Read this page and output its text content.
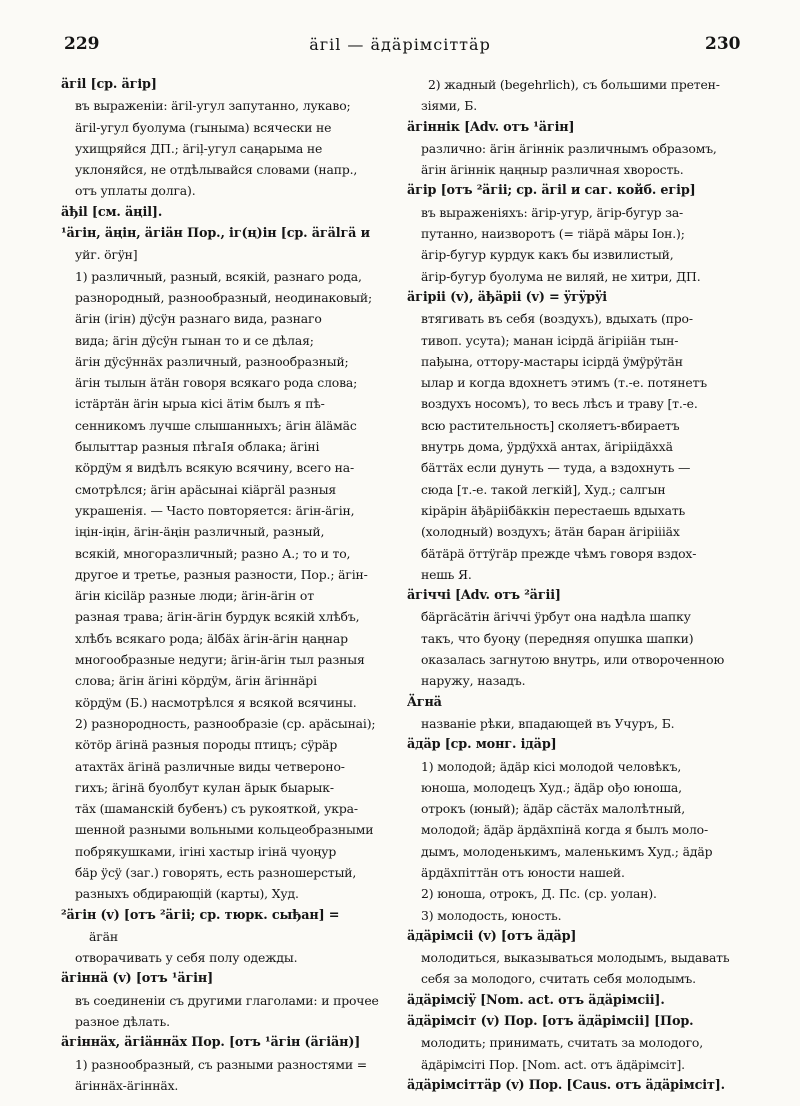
229	äгil — äдäрімсіттäр	230
äгil [ср. äгір]
въ выраженiи: äгil-угул запутанно, лукаво;
äгil-угул буолума (гыныма) всячески не
ухищряйся ДП.; äгiļ-угул саңарыма не
уклоняйся, не отдѣлывайся словами (напр.,
отъ уплаты долга).
äђil [см. äңil].
¹äгiн, äңiн, äгiäн Пор., iг(ң)iн [ср. äгälгä и
уйг. öгÿн]
1) различный, разный, всякiй, разнаго рода,
разнородный, разнообразный, неодинаковый;
äгiн (iгiн) дÿсÿн разнаго вида, разнаго
вида; äгiн дÿсÿн гынан то и се дѣлая;
äгiн дÿсÿннäх различный, разнообразный;
äгiн тылын äтäн говоря всякаго рода слова;
iстäртäн äгiн ырыа кiсi äтiм былъ я пѣ-
сенникомъ лучше слышанныхъ; äгiн äläмäс
былыттар разныя пѣгаIя облака; äгiнi
кöрдÿм я видѣлъ всякую всячину, всего на-
смотрѣлся; äгiн арäсынаi кiäргäl разныя
украшенiя. — Часто повторяется: äгiн-äгiн,
iңiн-iңiн, äгiн-äңiн различный, разный,
всякiй, многоразличный; разно А.; то и то,
другое и третье, разныя разности, Пор.; äгiн-
äгiн кiсiläр разные люди; äгiн-äгiн от
разная трава; äгiн-äгiн бурдук всякiй хлѣбъ,
хлѣбъ всякаго рода; älбäх äгiн-äгiн ңаңнар
многообразные недуги; äгiн-äгiн тыл разныя
слова; äгiн äгiнi кöрдÿм, äгiн äгiннäрi
кöрдÿм (Б.) насмотрѣлся я всякой всячины.
2) разнородность, разнообразiе (ср. арäсынаi);
кöтöр äгiнä разныя породы птицъ; сÿрäр
атахтäх äгiнä различные виды четвероно-
гихъ; äгiнä буолбут кулан äрык быарык-
тäх (шаманскiй бубенъ) съ рукояткой, укра-
шенной разными вольными кольцеобразными
побрякушками, iгiнi хастыр iгiнä чуоңур
бäр ÿсÿ (заг.) говорять, есть разношерстый,
разныхъ обдирающiй (карты), Худ.
²äгiн (v) [отъ ²äгii; ср. тюрк. сыђан] =
äгäн
отворачивать у себя полу одежды.
äгiннä (v) [отъ ¹äгiн]
въ соединенiи съ другими глаголами: и прочее
разное дѣлать.
äгiннäх, äгiäннäх Пор. [отъ ¹äгiн (äгiäн)]
1) разнообразный, съ разными разностями =
äгiннäх-äгiннäх.
2) жадный (begehrlich), съ большими претен-
зiями, Б.
äгiннiк [Adv. отъ ¹äгiн]
различно: äгiн äгiннiк различнымъ образомъ,
äгiн äгiннiк ңаңныр различная хворость.
äгiр [отъ ²äгii; ср. äгil и саг. койб. егiр]
въ выраженiяхъ: äгiр-угур, äгiр-бугур за-
путанно, наизворотъ (= тiäрä мäры Iон.);
äгiр-бугур курдук какъ бы извилистый,
äгiр-бугур буолума не виляй, не хитри, ДП.
äгiрii (v), äђäрii (v) = ÿгÿрÿi
втягивать въ себя (воздухъ), вдыхать (про-
тивоп. усута); манан iсiрдä äгiрiiäн тын-
пађына, оттору-мастары iсiрдä ÿмÿрÿтäн
ылар и когда вдохнетъ этимъ (т.-е. потянетъ
воздухъ носомъ), то весь лѣсъ и траву [т.-е.
всю растительность] сколяетъ-вбираетъ
внутрь дома, ÿрдÿххä антах, äгiрiiдäххä
бäттäх если дунуть — туда, а вздохнуть —
сюда [т.-е. такой легкiй], Худ.; салгын
кiрäрiн äђäрiiбäккiн перестаешь вдыхать
(холодный) воздухъ; äтäн баран äгiрiiiäх
бäтäрä öттÿгäр прежде чѣмъ говоря вздох-
нешь Я.
äгiччi [Adv. отъ ²äгii]
бäргäсäтiн äгiччi ÿрбут она надѣла шапку
такъ, что буоңу (передняя опушка шапки)
оказалась загнутою внутрь, или отвороченною
наружу, назадъ.
Äгнä
названiе рѣки, впадающей въ Учуръ, Б.
äдäр [ср. монг. iдäр]
1) молодой; äдäр кiсi молодой человѣкъ,
юноша, молодецъ Худ.; äдäр ођо юноша,
отрокъ (юный); äдäр сäстäх малолѣтный,
молодой; äдäр äрдäхпiнä когда я былъ моло-
дымъ, молоденькимъ, маленькимъ Худ.; äдäр
äрдäхпiттäн отъ юности нашей.
2) юноша, отрокъ, Д. Пс. (ср. уолан).
3) молодость, юность.
äдäрiмсii (v) [отъ äдäр]
молодиться, выказываться молодымъ, выдавать
себя за молодого, считать себя молодымъ.
äдäрiмсiÿ [Nom. act. отъ äдäрiмсii].
äдäрiмсiт (v) Пор. [отъ äдäрiмсii] [Пор.
молодить; принимать, считать за молодого,
äдäрiмсiтi Пор. [Nom. act. отъ äдäрiмсiт].
äдäрiмсiттäр (v) Пор. [Caus. отъ äдäрiмсiт].
